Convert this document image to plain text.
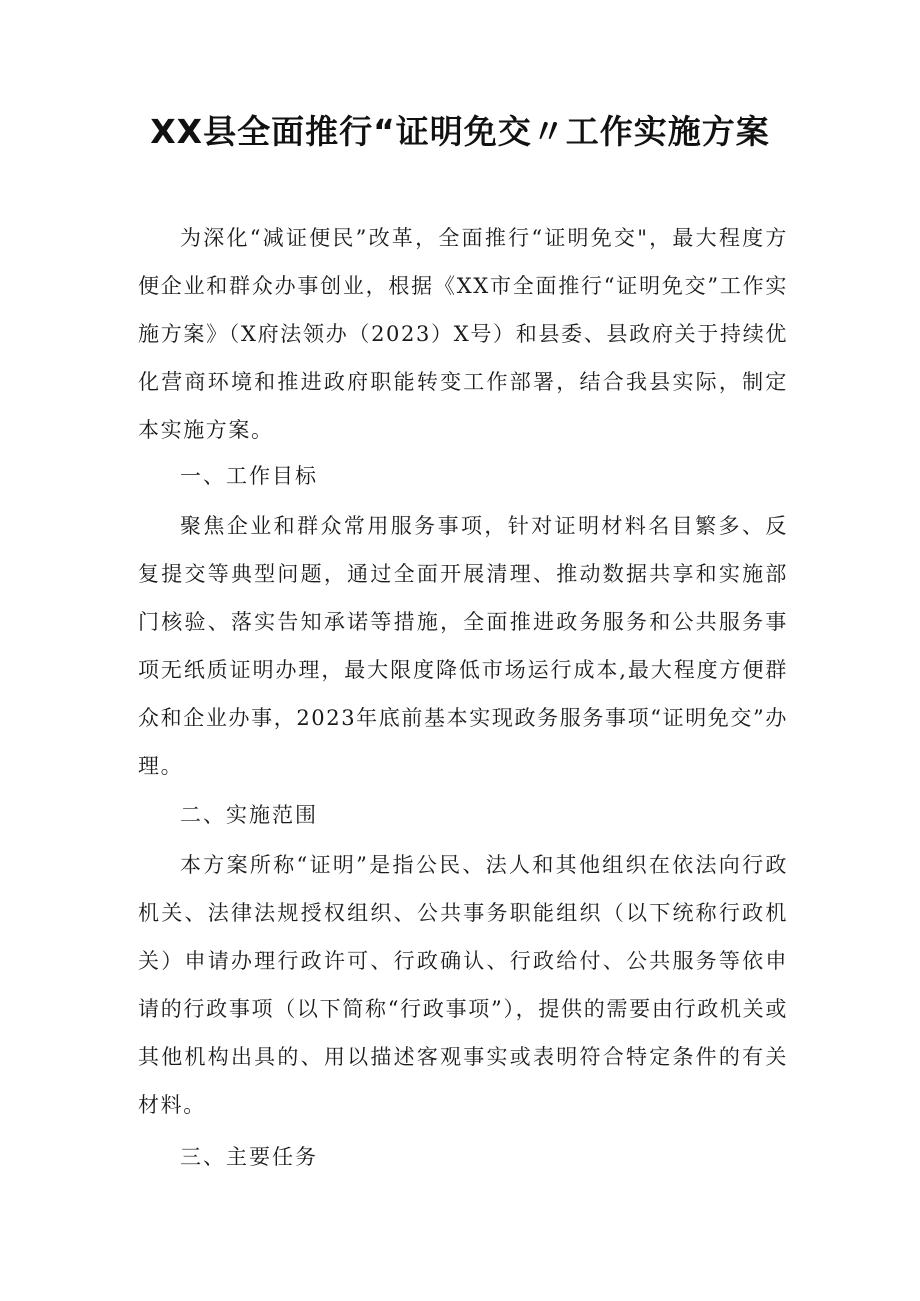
XX县全面推行“证明免交〃工作实施方案

为深化“减证便民”改革，全面推行“证明免交"，最大程度方便企业和群众办事创业，根据《XX市全面推行“证明免交”工作实施方案》（X府法领办（2023）X号）和县委、县政府关于持续优化营商环境和推进政府职能转变工作部署，结合我县实际，制定本实施方案。

一、工作目标

聚焦企业和群众常用服务事项，针对证明材料名目繁多、反复提交等典型问题，通过全面开展清理、推动数据共享和实施部门核验、落实告知承诺等措施，全面推进政务服务和公共服务事项无纸质证明办理，最大限度降低市场运行成本,最大程度方便群众和企业办事，2023年底前基本实现政务服务事项“证明免交”办理。

二、实施范围

本方案所称“证明”是指公民、法人和其他组织在依法向行政机关、法律法规授权组织、公共事务职能组织（以下统称行政机关）申请办理行政许可、行政确认、行政给付、公共服务等依申请的行政事项（以下简称“行政事项”），提供的需要由行政机关或其他机构出具的、用以描述客观事实或表明符合特定条件的有关材料。

三、主要任务
